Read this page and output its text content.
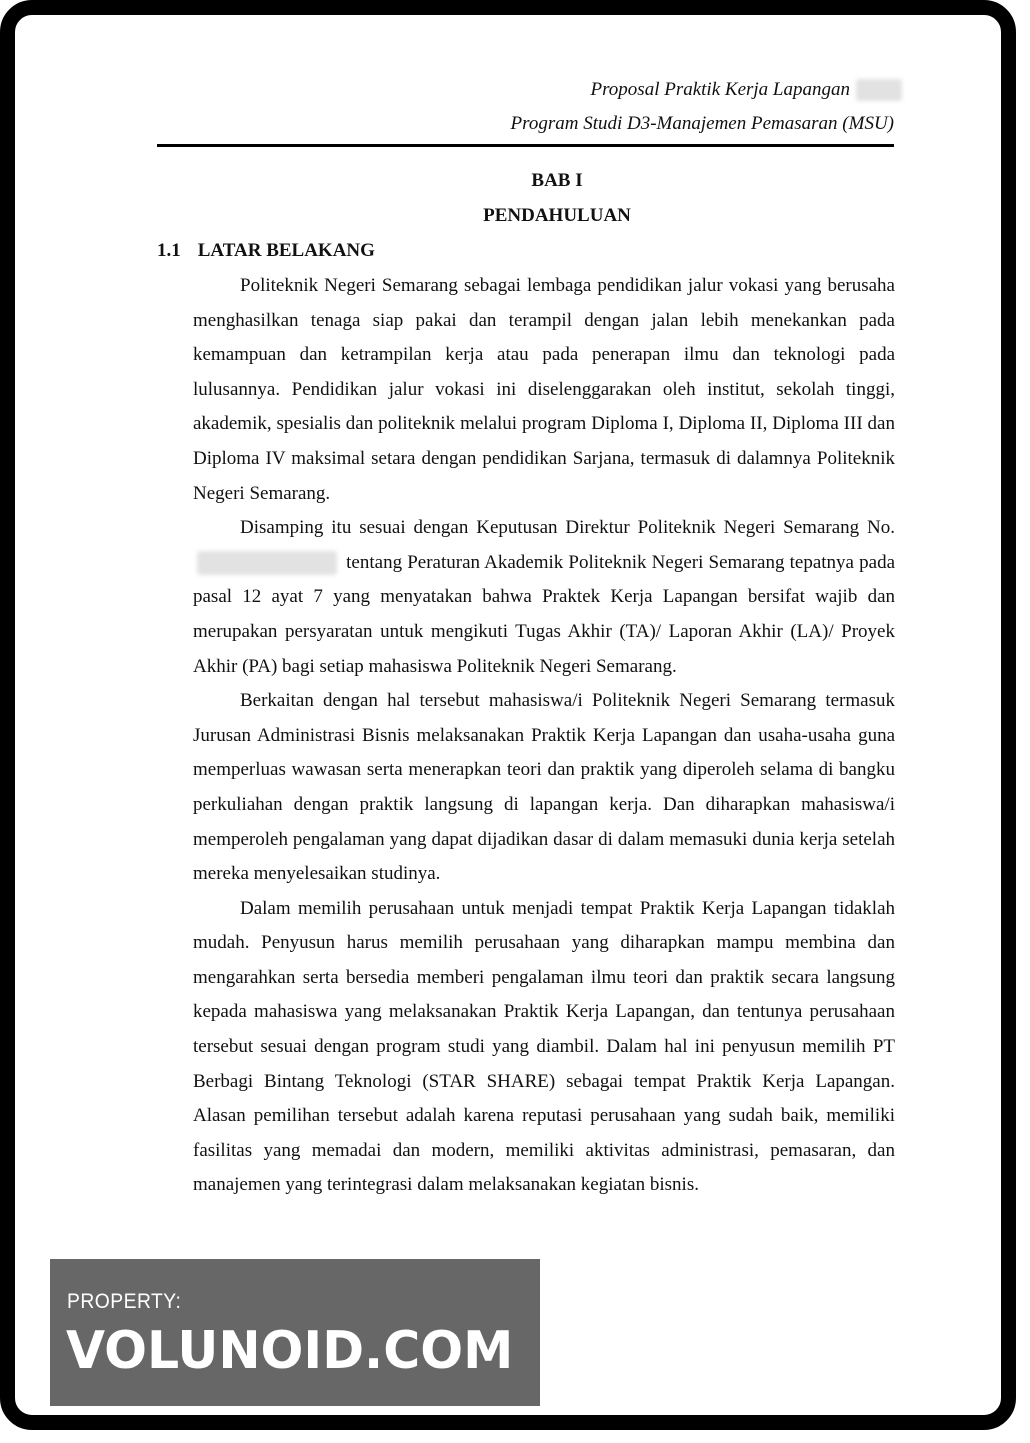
Proposal Praktik Kerja Lapangan
Program Studi D3-Manajemen Pemasaran (MSU)
BAB I
PENDAHULUAN
1.1 LATAR BELAKANG

Politeknik Negeri Semarang sebagai lembaga pendidikan jalur vokasi yang berusaha menghasilkan tenaga siap pakai dan terampil dengan jalan lebih menekankan pada kemampuan dan ketrampilan kerja atau pada penerapan ilmu dan teknologi pada lulusannya. Pendidikan jalur vokasi ini diselenggarakan oleh institut, sekolah tinggi, akademik, spesialis dan politeknik melalui program Diploma I, Diploma II, Diploma III dan Diploma IV maksimal setara dengan pendidikan Sarjana, termasuk di dalamnya Politeknik Negeri Semarang.

Disamping itu sesuai dengan Keputusan Direktur Politeknik Negeri Semarang No.  tentang Peraturan Akademik Politeknik Negeri Semarang tepatnya pada pasal 12 ayat 7 yang menyatakan bahwa Praktek Kerja Lapangan bersifat wajib dan merupakan persyaratan untuk mengikuti Tugas Akhir (TA)/ Laporan Akhir (LA)/ Proyek Akhir (PA) bagi setiap mahasiswa Politeknik Negeri Semarang.

Berkaitan dengan hal tersebut mahasiswa/i Politeknik Negeri Semarang termasuk Jurusan Administrasi Bisnis melaksanakan Praktik Kerja Lapangan dan usaha-usaha guna memperluas wawasan serta menerapkan teori dan praktik yang diperoleh selama di bangku perkuliahan dengan praktik langsung di lapangan kerja. Dan diharapkan mahasiswa/i memperoleh pengalaman yang dapat dijadikan dasar di dalam memasuki dunia kerja setelah mereka menyelesaikan studinya.

Dalam memilih perusahaan untuk menjadi tempat Praktik Kerja Lapangan tidaklah mudah. Penyusun harus memilih perusahaan yang diharapkan mampu membina dan mengarahkan serta bersedia memberi pengalaman ilmu teori dan praktik secara langsung kepada mahasiswa yang melaksanakan Praktik Kerja Lapangan, dan tentunya perusahaan tersebut sesuai dengan program studi yang diambil. Dalam hal ini penyusun memilih PT Berbagi Bintang Teknologi (STAR SHARE) sebagai tempat Praktik Kerja Lapangan. Alasan pemilihan tersebut adalah karena reputasi perusahaan yang sudah baik, memiliki fasilitas yang memadai dan modern, memiliki aktivitas administrasi, pemasaran, dan manajemen yang terintegrasi dalam melaksanakan kegiatan bisnis.

PROPERTY:
VOLUNOID.COM
